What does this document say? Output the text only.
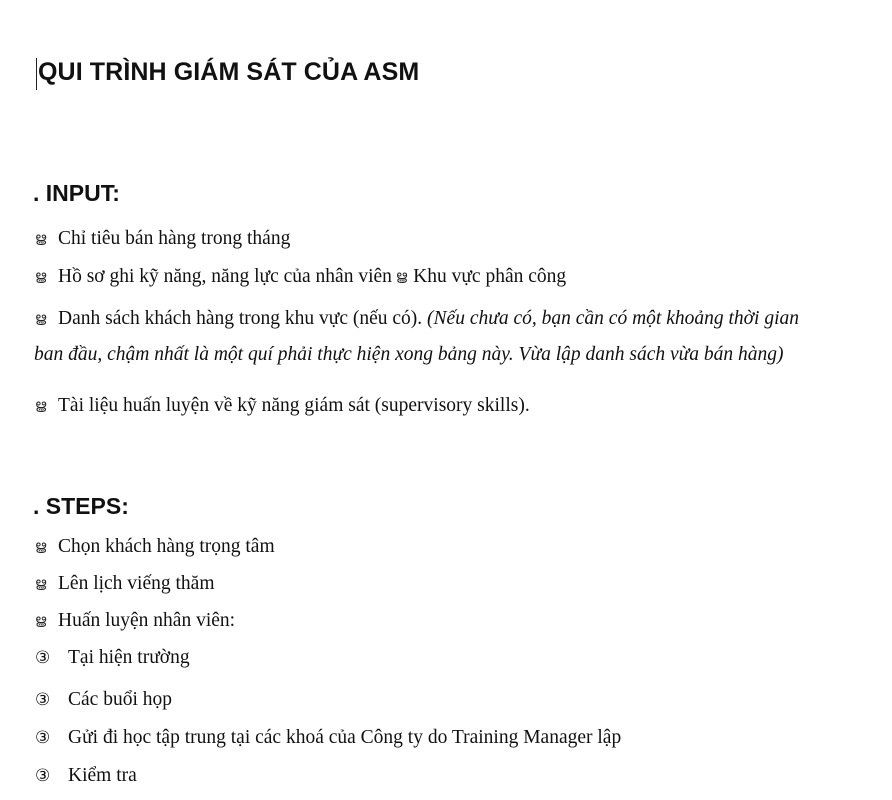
QUI TRÌNH GIÁM SÁT CỦA ASM
. INPUT:
ൠ Chỉ tiêu bán hàng trong tháng
ൠ Hồ sơ ghi kỹ năng, năng lực của nhân viên ൠ Khu vực phân công
ൠ Danh sách khách hàng trong khu vực (nếu có). (Nếu chưa có, bạn cần có một khoảng thời gian
ban đầu, chậm nhất là một quí phải thực hiện xong bảng này. Vừa lập danh sách vừa bán hàng)
ൠ Tài liệu huấn luyện về kỹ năng giám sát (supervisory skills).
. STEPS:
ൠ Chọn khách hàng trọng tâm
ൠ Lên lịch viếng thăm
ൠ Huấn luyện nhân viên:
③ Tại hiện trường
③ Các buổi họp
③ Gửi đi học tập trung tại các khoá của Công ty do Training Manager lập
③ Kiểm tra
